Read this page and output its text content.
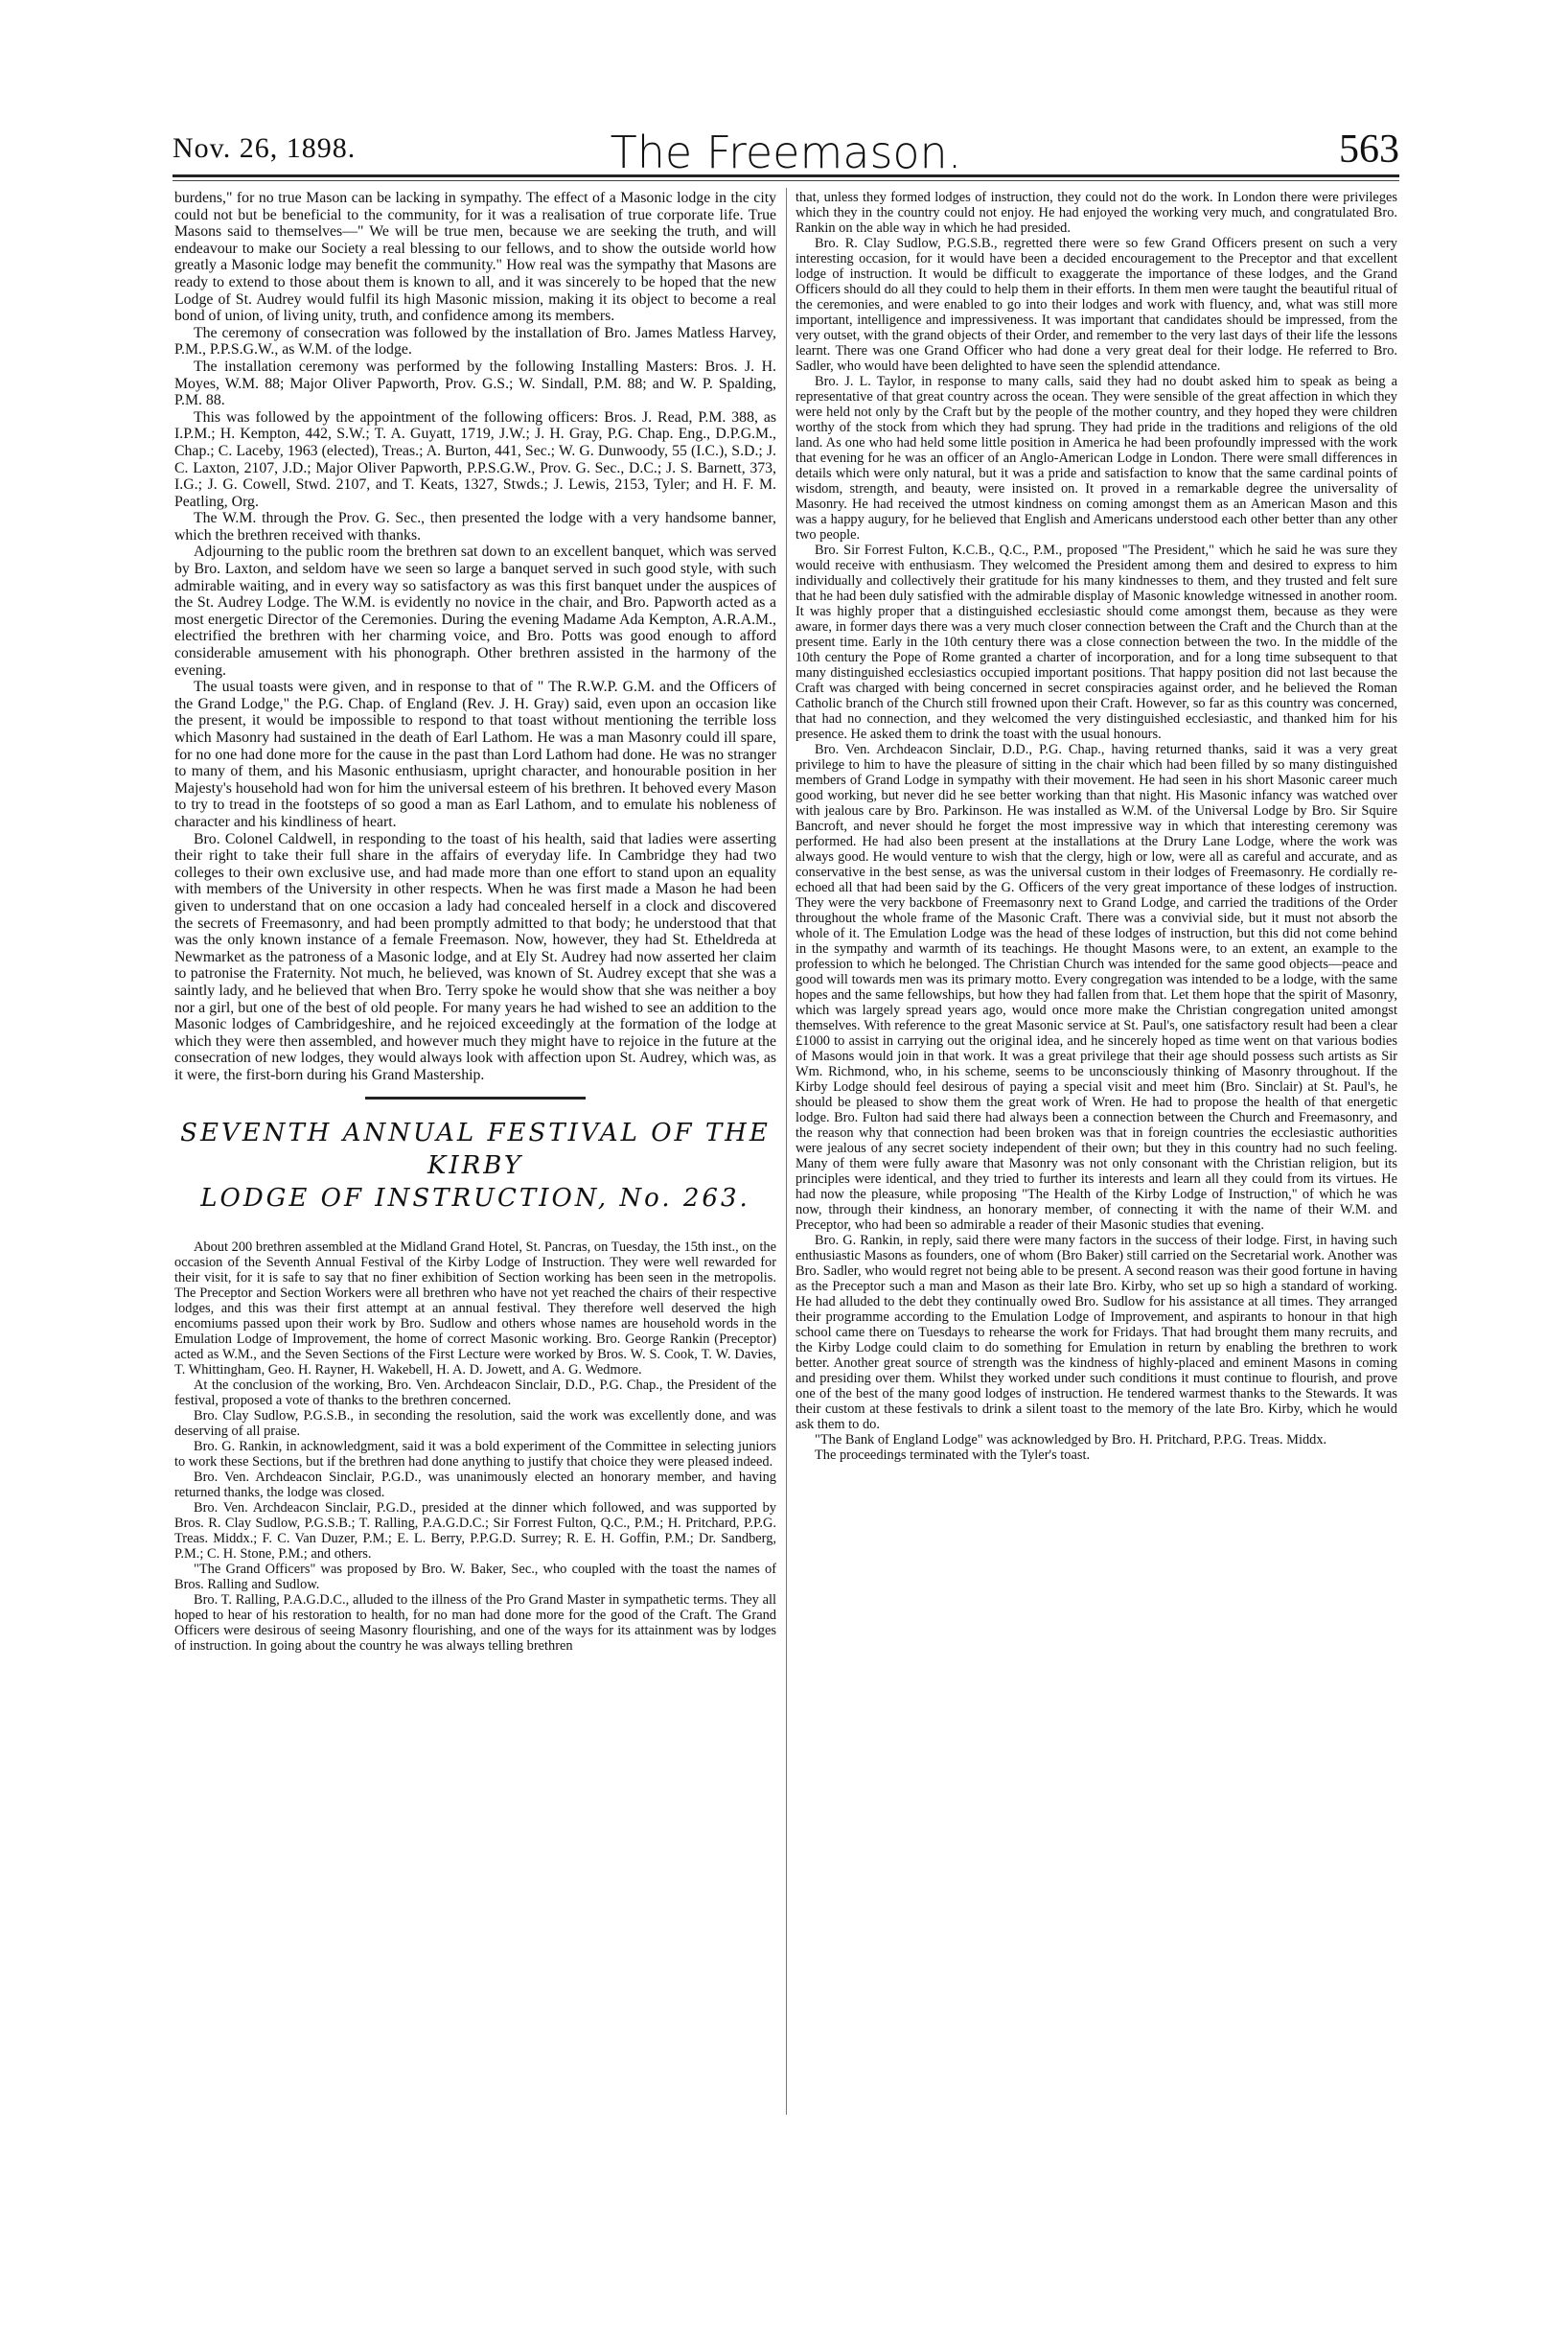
Nov. 26, 1898.	The Freemason.	563

burdens," for no true Mason can be lacking in sympathy. The effect of a Masonic lodge in the city could not but be beneficial to the community, for it was a realisation of true corporate life. True Masons said to themselves—" We will be true men, because we are seeking the truth, and will endeavour to make our Society a real blessing to our fellows, and to show the outside world how greatly a Masonic lodge may benefit the community." How real was the sympathy that Masons are ready to extend to those about them is known to all, and it was sincerely to be hoped that the new Lodge of St. Audrey would fulfil its high Masonic mission, making it its object to become a real bond of union, of living unity, truth, and confidence among its members.

The ceremony of consecration was followed by the installation of Bro. James Matless Harvey, P.M., P.P.S.G.W., as W.M. of the lodge.

The installation ceremony was performed by the following Installing Masters: Bros. J. H. Moyes, W.M. 88; Major Oliver Papworth, Prov. G.S.; W. Sindall, P.M. 88; and W. P. Spalding, P.M. 88.

This was followed by the appointment of the following officers: Bros. J. Read, P.M. 388, as I.P.M.; H. Kempton, 442, S.W.; T. A. Guyatt, 1719, J.W.; J. H. Gray, P.G. Chap. Eng., D.P.G.M., Chap.; C. Laceby, 1963 (elected), Treas.; A. Burton, 441, Sec.; W. G. Dunwoody, 55 (I.C.), S.D.; J. C. Laxton, 2107, J.D.; Major Oliver Papworth, P.P.S.G.W., Prov. G. Sec., D.C.; J. S. Barnett, 373, I.G.; J. G. Cowell, Stwd. 2107, and T. Keats, 1327, Stwds.; J. Lewis, 2153, Tyler; and H. F. M. Peatling, Org.

The W.M. through the Prov. G. Sec., then presented the lodge with a very handsome banner, which the brethren received with thanks.

Adjourning to the public room the brethren sat down to an excellent banquet, which was served by Bro. Laxton, and seldom have we seen so large a banquet served in such good style, with such admirable waiting, and in every way so satisfactory as was this first banquet under the auspices of the St. Audrey Lodge. The W.M. is evidently no novice in the chair, and Bro. Papworth acted as a most energetic Director of the Ceremonies. During the evening Madame Ada Kempton, A.R.A.M., electrified the brethren with her charming voice, and Bro. Potts was good enough to afford considerable amusement with his phonograph. Other brethren assisted in the harmony of the evening.

The usual toasts were given, and in response to that of " The R.W.P. G.M. and the Officers of the Grand Lodge," the P.G. Chap. of England (Rev. J. H. Gray) said, even upon an occasion like the present, it would be impossible to respond to that toast without mentioning the terrible loss which Masonry had sustained in the death of Earl Lathom. He was a man Masonry could ill spare, for no one had done more for the cause in the past than Lord Lathom had done. He was no stranger to many of them, and his Masonic enthusiasm, upright character, and honourable position in her Majesty's household had won for him the universal esteem of his brethren. It behoved every Mason to try to tread in the footsteps of so good a man as Earl Lathom, and to emulate his nobleness of character and his kindliness of heart.

Bro. Colonel Caldwell, in responding to the toast of his health, said that ladies were asserting their right to take their full share in the affairs of everyday life. In Cambridge they had two colleges to their own exclusive use, and had made more than one effort to stand upon an equality with members of the University in other respects. When he was first made a Mason he had been given to understand that on one occasion a lady had concealed herself in a clock and discovered the secrets of Freemasonry, and had been promptly admitted to that body; he understood that that was the only known instance of a female Freemason. Now, however, they had St. Etheldreda at Newmarket as the patroness of a Masonic lodge, and at Ely St. Audrey had now asserted her claim to patronise the Fraternity. Not much, he believed, was known of St. Audrey except that she was a saintly lady, and he believed that when Bro. Terry spoke he would show that she was neither a boy nor a girl, but one of the best of old people. For many years he had wished to see an addition to the Masonic lodges of Cambridgeshire, and he rejoiced exceedingly at the formation of the lodge at which they were then assembled, and however much they might have to rejoice in the future at the consecration of new lodges, they would always look with affection upon St. Audrey, which was, as it were, the first-born during his Grand Mastership.

SEVENTH ANNUAL FESTIVAL OF THE KIRBY
LODGE OF INSTRUCTION, No. 263.

About 200 brethren assembled at the Midland Grand Hotel, St. Pancras, on Tuesday, the 15th inst., on the occasion of the Seventh Annual Festival of the Kirby Lodge of Instruction. They were well rewarded for their visit, for it is safe to say that no finer exhibition of Section working has been seen in the metropolis. The Preceptor and Section Workers were all brethren who have not yet reached the chairs of their respective lodges, and this was their first attempt at an annual festival. They therefore well deserved the high encomiums passed upon their work by Bro. Sudlow and others whose names are household words in the Emulation Lodge of Improvement, the home of correct Masonic working. Bro. George Rankin (Preceptor) acted as W.M., and the Seven Sections of the First Lecture were worked by Bros. W. S. Cook, T. W. Davies, T. Whittingham, Geo. H. Rayner, H. Wakebell, H. A. D. Jowett, and A. G. Wedmore.

At the conclusion of the working, Bro. Ven. Archdeacon Sinclair, D.D., P.G. Chap., the President of the festival, proposed a vote of thanks to the brethren concerned.

Bro. Clay Sudlow, P.G.S.B., in seconding the resolution, said the work was excellently done, and was deserving of all praise.

Bro. G. Rankin, in acknowledgment, said it was a bold experiment of the Committee in selecting juniors to work these Sections, but if the brethren had done anything to justify that choice they were pleased indeed.

Bro. Ven. Archdeacon Sinclair, P.G.D., was unanimously elected an honorary member, and having returned thanks, the lodge was closed.

Bro. Ven. Archdeacon Sinclair, P.G.D., presided at the dinner which followed, and was supported by Bros. R. Clay Sudlow, P.G.S.B.; T. Ralling, P.A.G.D.C.; Sir Forrest Fulton, Q.C., P.M.; H. Pritchard, P.P.G. Treas. Middx.; F. C. Van Duzer, P.M.; E. L. Berry, P.P.G.D. Surrey; R. E. H. Goffin, P.M.; Dr. Sandberg, P.M.; C. H. Stone, P.M.; and others.

"The Grand Officers" was proposed by Bro. W. Baker, Sec., who coupled with the toast the names of Bros. Ralling and Sudlow.

Bro. T. Ralling, P.A.G.D.C., alluded to the illness of the Pro Grand Master in sympathetic terms. They all hoped to hear of his restoration to health, for no man had done more for the good of the Craft. The Grand Officers were desirous of seeing Masonry flourishing, and one of the ways for its attainment was by lodges of instruction. In going about the country he was always telling brethren

that, unless they formed lodges of instruction, they could not do the work. In London there were privileges which they in the country could not enjoy. He had enjoyed the working very much, and congratulated Bro. Rankin on the able way in which he had presided.

Bro. R. Clay Sudlow, P.G.S.B., regretted there were so few Grand Officers present on such a very interesting occasion, for it would have been a decided encouragement to the Preceptor and that excellent lodge of instruction. It would be difficult to exaggerate the importance of these lodges, and the Grand Officers should do all they could to help them in their efforts. In them men were taught the beautiful ritual of the ceremonies, and were enabled to go into their lodges and work with fluency, and, what was still more important, intelligence and impressiveness. It was important that candidates should be impressed, from the very outset, with the grand objects of their Order, and remember to the very last days of their life the lessons learnt. There was one Grand Officer who had done a very great deal for their lodge. He referred to Bro. Sadler, who would have been delighted to have seen the splendid attendance.

Bro. J. L. Taylor, in response to many calls, said they had no doubt asked him to speak as being a representative of that great country across the ocean. They were sensible of the great affection in which they were held not only by the Craft but by the people of the mother country, and they hoped they were children worthy of the stock from which they had sprung. They had pride in the traditions and religions of the old land. As one who had held some little position in America he had been profoundly impressed with the work that evening for he was an officer of an Anglo-American Lodge in London. There were small differences in details which were only natural, but it was a pride and satisfaction to know that the same cardinal points of wisdom, strength, and beauty, were insisted on. It proved in a remarkable degree the universality of Masonry. He had received the utmost kindness on coming amongst them as an American Mason and this was a happy augury, for he believed that English and Americans understood each other better than any other two people.

Bro. Sir Forrest Fulton, K.C.B., Q.C., P.M., proposed "The President," which he said he was sure they would receive with enthusiasm. They welcomed the President among them and desired to express to him individually and collectively their gratitude for his many kindnesses to them, and they trusted and felt sure that he had been duly satisfied with the admirable display of Masonic knowledge witnessed in another room. It was highly proper that a distinguished ecclesiastic should come amongst them, because as they were aware, in former days there was a very much closer connection between the Craft and the Church than at the present time. Early in the 10th century there was a close connection between the two. In the middle of the 10th century the Pope of Rome granted a charter of incorporation, and for a long time subsequent to that many distinguished ecclesiastics occupied important positions. That happy position did not last because the Craft was charged with being concerned in secret conspiracies against order, and he believed the Roman Catholic branch of the Church still frowned upon their Craft. However, so far as this country was concerned, that had no connection, and they welcomed the very distinguished ecclesiastic, and thanked him for his presence. He asked them to drink the toast with the usual honours.

Bro. Ven. Archdeacon Sinclair, D.D., P.G. Chap., having returned thanks, said it was a very great privilege to him to have the pleasure of sitting in the chair which had been filled by so many distinguished members of Grand Lodge in sympathy with their movement. He had seen in his short Masonic career much good working, but never did he see better working than that night. His Masonic infancy was watched over with jealous care by Bro. Parkinson. He was installed as W.M. of the Universal Lodge by Bro. Sir Squire Bancroft, and never should he forget the most impressive way in which that interesting ceremony was performed. He had also been present at the installations at the Drury Lane Lodge, where the work was always good. He would venture to wish that the clergy, high or low, were all as careful and accurate, and as conservative in the best sense, as was the universal custom in their lodges of Freemasonry. He cordially re-echoed all that had been said by the G. Officers of the very great importance of these lodges of instruction. They were the very backbone of Freemasonry next to Grand Lodge, and carried the traditions of the Order throughout the whole frame of the Masonic Craft. There was a convivial side, but it must not absorb the whole of it. The Emulation Lodge was the head of these lodges of instruction, but this did not come behind in the sympathy and warmth of its teachings. He thought Masons were, to an extent, an example to the profession to which he belonged. The Christian Church was intended for the same good objects—peace and good will towards men was its primary motto. Every congregation was intended to be a lodge, with the same hopes and the same fellowships, but how they had fallen from that. Let them hope that the spirit of Masonry, which was largely spread years ago, would once more make the Christian congregation united amongst themselves. With reference to the great Masonic service at St. Paul's, one satisfactory result had been a clear £1000 to assist in carrying out the original idea, and he sincerely hoped as time went on that various bodies of Masons would join in that work. It was a great privilege that their age should possess such artists as Sir Wm. Richmond, who, in his scheme, seems to be unconsciously thinking of Masonry throughout. If the Kirby Lodge should feel desirous of paying a special visit and meet him (Bro. Sinclair) at St. Paul's, he should be pleased to show them the great work of Wren. He had to propose the health of that energetic lodge. Bro. Fulton had said there had always been a connection between the Church and Freemasonry, and the reason why that connection had been broken was that in foreign countries the ecclesiastic authorities were jealous of any secret society independent of their own; but they in this country had no such feeling. Many of them were fully aware that Masonry was not only consonant with the Christian religion, but its principles were identical, and they tried to further its interests and learn all they could from its virtues. He had now the pleasure, while proposing "The Health of the Kirby Lodge of Instruction," of which he was now, through their kindness, an honorary member, of connecting it with the name of their W.M. and Preceptor, who had been so admirable a reader of their Masonic studies that evening.

Bro. G. Rankin, in reply, said there were many factors in the success of their lodge. First, in having such enthusiastic Masons as founders, one of whom (Bro Baker) still carried on the Secretarial work. Another was Bro. Sadler, who would regret not being able to be present. A second reason was their good fortune in having as the Preceptor such a man and Mason as their late Bro. Kirby, who set up so high a standard of working. He had alluded to the debt they continually owed Bro. Sudlow for his assistance at all times. They arranged their programme according to the Emulation Lodge of Improvement, and aspirants to honour in that high school came there on Tuesdays to rehearse the work for Fridays. That had brought them many recruits, and the Kirby Lodge could claim to do something for Emulation in return by enabling the brethren to work better. Another great source of strength was the kindness of highly-placed and eminent Masons in coming and presiding over them. Whilst they worked under such conditions it must continue to flourish, and prove one of the best of the many good lodges of instruction. He tendered warmest thanks to the Stewards. It was their custom at these festivals to drink a silent toast to the memory of the late Bro. Kirby, which he would ask them to do.

"The Bank of England Lodge" was acknowledged by Bro. H. Pritchard, P.P.G. Treas. Middx.

The proceedings terminated with the Tyler's toast.
